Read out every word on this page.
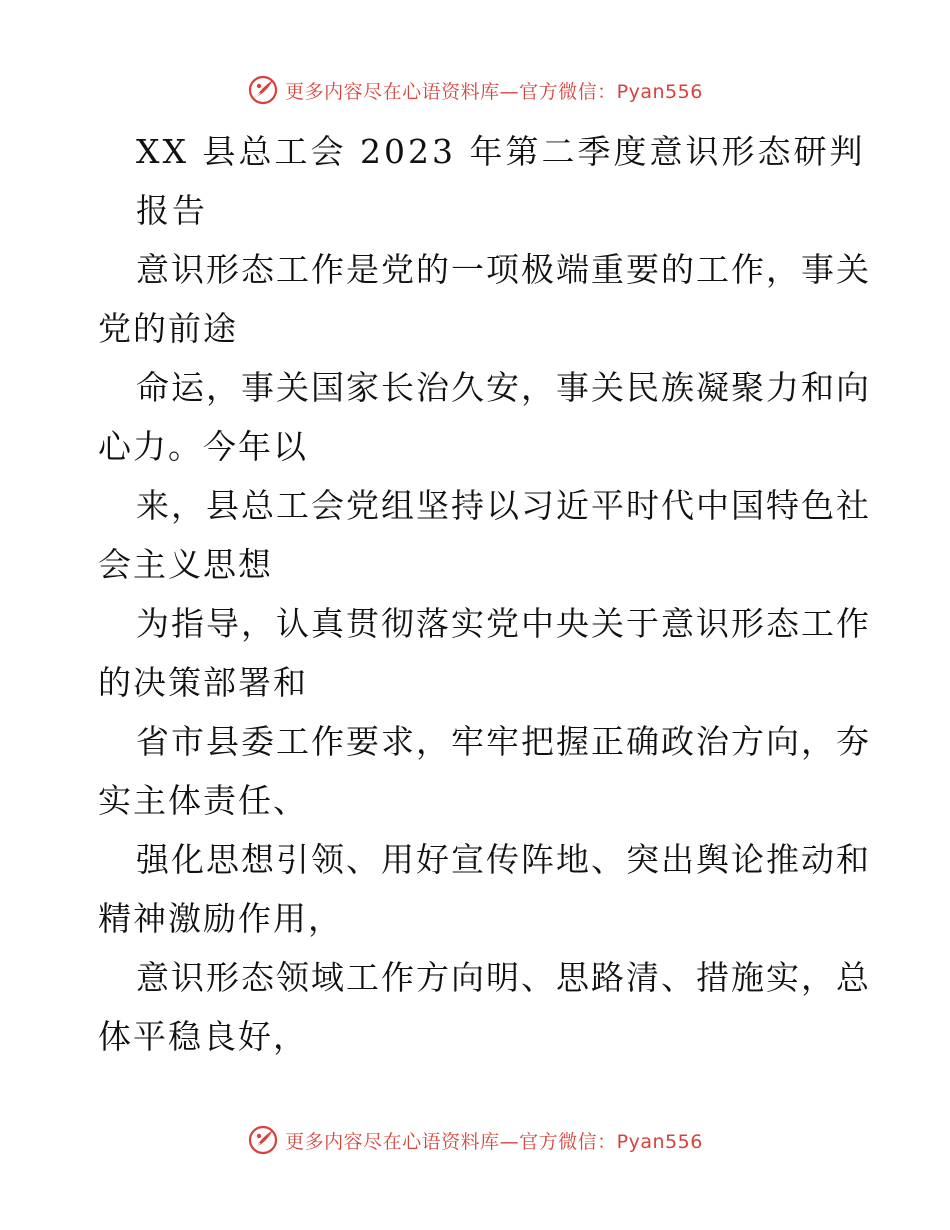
更多内容尽在心语资料库—官方微信：Pyan556
XX 县总工会 2023 年第二季度意识形态研判
报告
意识形态工作是党的一项极端重要的工作，事关
党的前途
命运，事关国家长治久安，事关民族凝聚力和向
心力。今年以
来，县总工会党组坚持以习近平时代中国特色社
会主义思想
为指导，认真贯彻落实党中央关于意识形态工作
的决策部署和
省市县委工作要求，牢牢把握正确政治方向，夯
实主体责任、
强化思想引领、用好宣传阵地、突出舆论推动和
精神激励作用，
意识形态领域工作方向明、思路清、措施实，总
体平稳良好，
更多内容尽在心语资料库—官方微信：Pyan556
